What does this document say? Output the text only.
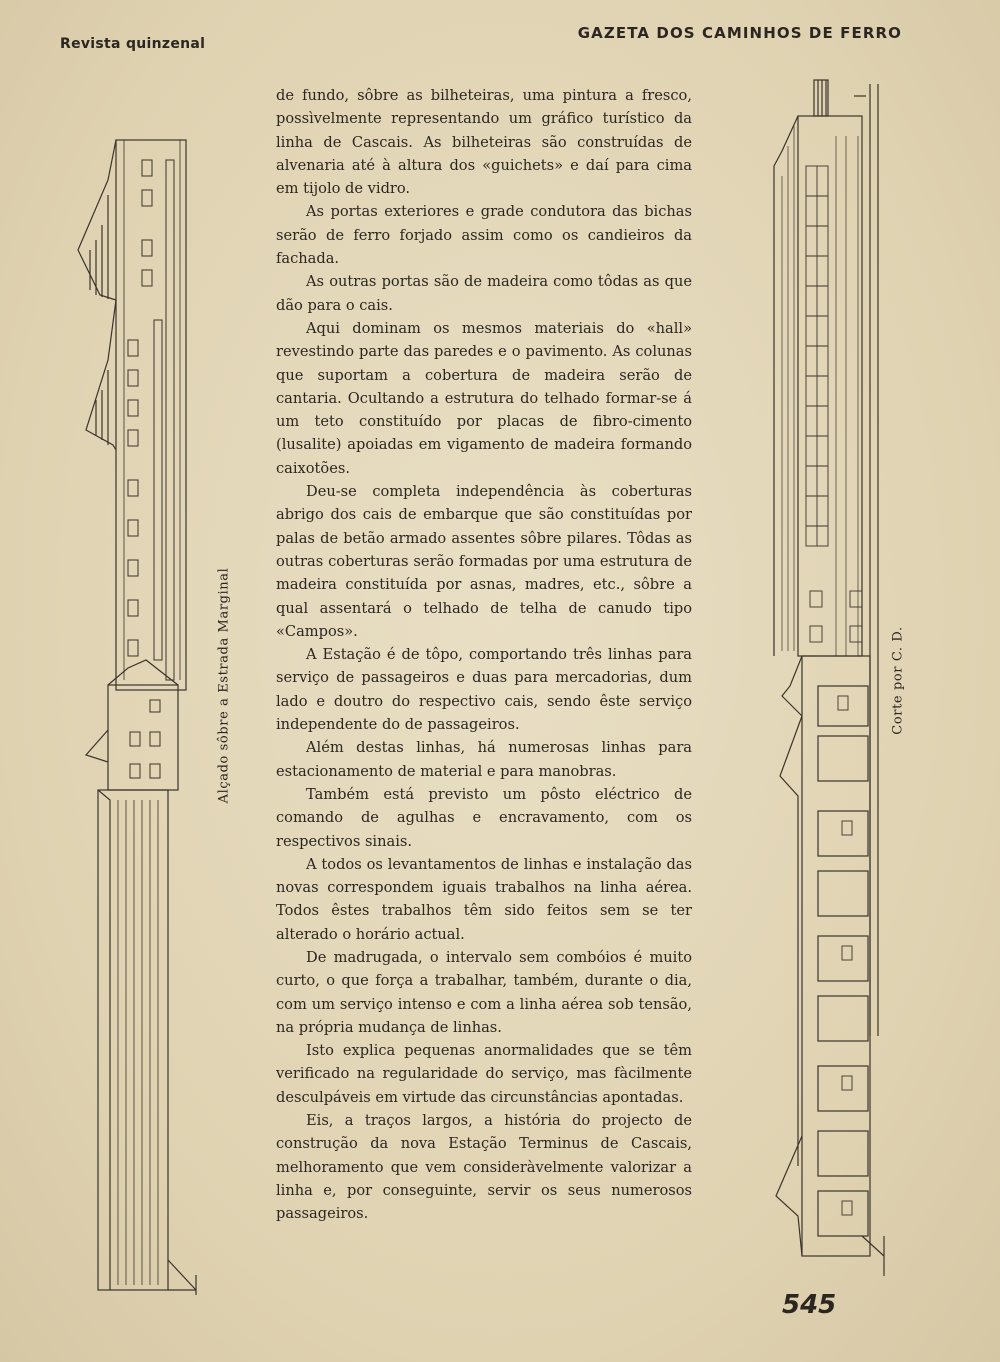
Revista quinzenal
GAZETA DOS CAMINHOS DE FERRO
Alçado sôbre a Estrada Marginal

de fundo, sôbre as bilheteiras, uma pintura a fresco, possìvelmente representando um gráfico turístico da linha de Cascais. As bilheteiras são construídas de alvenaria até à altura dos «guichets» e daí para cima em tijolo de vidro.

As portas exteriores e grade condutora das bichas serão de ferro forjado assim como os candieiros da fachada.

As outras portas são de madeira como tôdas as que dão para o cais.

Aqui dominam os mesmos materiais do «hall» revestindo parte das paredes e o pavimento. As colunas que suportam a cobertura de madeira serão de cantaria. Ocultando a estrutura do telhado formar-se á um teto constituído por placas de fibro-cimento (lusalite) apoiadas em vigamento de madeira formando caixotões.

Deu-se completa independência às coberturas abrigo dos cais de embarque que são constituídas por palas de betão armado assentes sôbre pilares. Tôdas as outras coberturas serão formadas por uma estrutura de madeira constituída por asnas, madres, etc., sôbre a qual assentará o telhado de telha de canudo tipo «Campos».

A Estação é de tôpo, comportando três linhas para serviço de passageiros e duas para mercadorias, dum lado e doutro do respectivo cais, sendo êste serviço independente do de passageiros.

Além destas linhas, há numerosas linhas para estacionamento de material e para manobras.

Também está previsto um pôsto eléctrico de comando de agulhas e encravamento, com os respectivos sinais.

A todos os levantamentos de linhas e instalação das novas correspondem iguais trabalhos na linha aérea. Todos êstes trabalhos têm sido feitos sem se ter alterado o horário actual.

De madrugada, o intervalo sem combóios é muito curto, o que força a trabalhar, também, durante o dia, com um serviço intenso e com a linha aérea sob tensão, na própria mudança de linhas.

Isto explica pequenas anormalidades que se têm verificado na regularidade do serviço, mas fàcilmente desculpáveis em virtude das circunstâncias apontadas.

Eis, a traços largos, a história do projecto de construção da nova Estação Terminus de Cascais, melhoramento que vem consideràvelmente valorizar a linha e, por conseguinte, servir os seus numerosos passageiros.

Corte por C. D.
545
